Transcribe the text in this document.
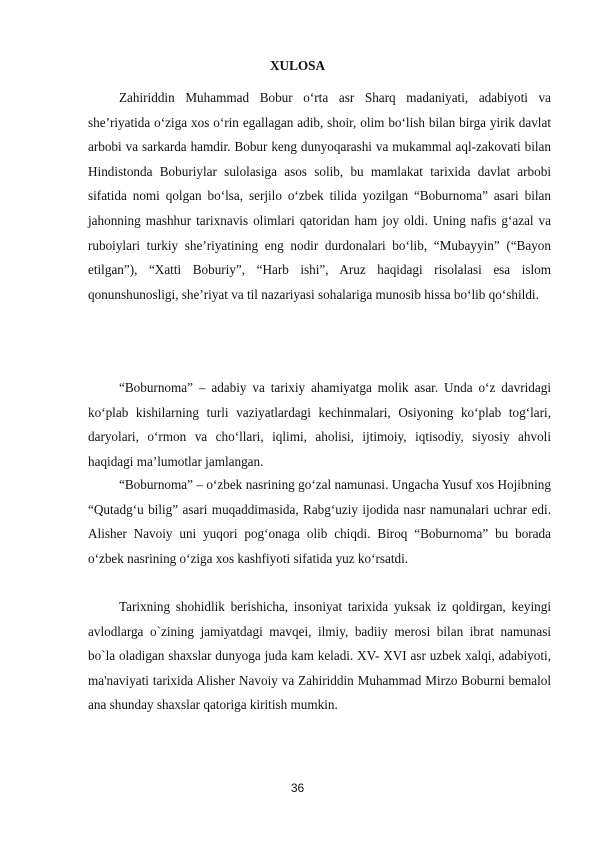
XULOSA

Zahiriddin Muhammad Bobur o‘rta asr Sharq madaniyati, adabiyoti va she’riyatida o‘ziga xos o‘rin egallagan adib, shoir, olim bo‘lish bilan birga yirik davlat arbobi va sarkarda hamdir. Bobur keng dunyoqarashi va mukammal aql-zakovati bilan Hindistonda Boburiylar sulolasiga asos solib, bu mamlakat tarixida davlat arbobi sifatida nomi qolgan bo‘lsa, serjilo o‘zbek tilida yozilgan “Boburnoma” asari bilan jahonning mashhur tarixnavis olimlari qatoridan ham joy oldi. Uning nafis g‘azal va ruboiylari turkiy she’riyatining eng nodir durdonalari bo‘lib, “Mubayyin” (“Bayon etilgan”), “Xatti Boburiy”, “Harb ishi”, Aruz haqidagi risolalasi esa islom qonunshunosligi, she’riyat va til nazariyasi sohalariga munosib hissa bo‘lib qo‘shildi.

“Boburnoma” – adabiy va tarixiy ahamiyatga molik asar. Unda o‘z davridagi ko‘plab kishilarning turli vaziyatlardagi kechinmalari, Osiyoning ko‘plab tog‘lari, daryolari, o‘rmon va cho‘llari, iqlimi, aholisi, ijtimoiy, iqtisodiy, siyosiy ahvoli haqidagi ma’lumotlar jamlangan.

“Boburnoma” – o‘zbek nasrining go‘zal namunasi. Ungacha Yusuf xos Hojibning “Qutadg‘u bilig” asari muqaddimasida, Rabg‘uziy ijodida nasr namunalari uchrar edi. Alisher Navoiy uni yuqori pog‘onaga olib chiqdi. Biroq “Boburnoma” bu borada o‘zbek nasrining o‘ziga xos kashfiyoti sifatida yuz ko‘rsatdi.

Tarixning shohidlik berishicha, insoniyat tarixida yuksak iz qoldirgan, keyingi avlodlarga o`zining jamiyatdagi mavqei, ilmiy, badiiy merosi bilan ibrat namunasi bo`la oladigan shaxslar dunyoga juda kam keladi. XV- XVI asr uzbek xalqi, adabiyoti, ma'naviyati tarixida Alisher Navoiy va Zahiriddin Muhammad Mirzo Boburni bemalol ana shunday shaxslar qatoriga kiritish mumkin.

36
